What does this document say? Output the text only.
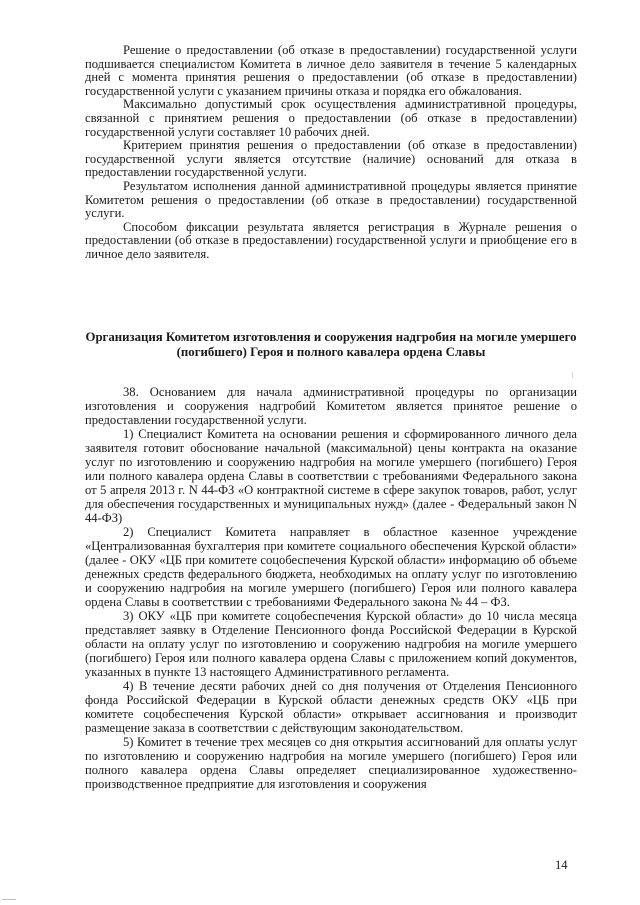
Решение о предоставлении (об отказе в предоставлении) государственной услуги подшивается специалистом Комитета в личное дело заявителя в течение 5 календарных дней с момента принятия решения о предоставлении (об отказе в предоставлении) государственной услуги с указанием причины отказа и порядка его обжалования.

Максимально допустимый срок осуществления административной процедуры, связанной с принятием решения о предоставлении (об отказе в предоставлении) государственной услуги составляет 10 рабочих дней.

Критерием принятия решения о предоставлении (об отказе в предоставлении) государственной услуги является отсутствие (наличие) оснований для отказа в предоставлении государственной услуги.

Результатом исполнения данной административной процедуры является принятие Комитетом решения о предоставлении (об отказе в предоставлении) государственной услуги.

Способом фиксации результата является регистрация в Журнале решения о предоставлении (об отказе в предоставлении) государственной услуги и приобщение его в личное дело заявителя.

Организация Комитетом изготовления и сооружения надгробия на могиле умершего (погибшего) Героя и полного кавалера ордена Славы

38. Основанием для начала административной процедуры по организации изготовления и сооружения надгробий Комитетом является принятое решение о предоставлении государственной услуги.

1) Специалист Комитета на основании решения и сформированного личного дела заявителя готовит обоснование начальной (максимальной) цены контракта на оказание услуг по изготовлению и сооружению надгробия на могиле умершего (погибшего) Героя или полного кавалера ордена Славы в соответствии с требованиями Федерального закона от 5 апреля 2013 г. N 44-ФЗ «О контрактной системе в сфере закупок товаров, работ, услуг для обеспечения государственных и муниципальных нужд» (далее - Федеральный закон N 44-ФЗ)

2) Специалист Комитета направляет в областное казенное учреждение «Централизованная бухгалтерия при комитете социального обеспечения Курской области» (далее - ОКУ «ЦБ при комитете соцобеспечения Курской области» информацию об объеме денежных средств федерального бюджета, необходимых на оплату услуг по изготовлению и сооружению надгробия на могиле умершего (погибшего) Героя или полного кавалера ордена Славы в соответствии с требованиями Федерального закона № 44 – ФЗ.

3) ОКУ «ЦБ при комитете соцобеспечения Курской области» до 10 числа месяца представляет заявку в Отделение Пенсионного фонда Российской Федерации в Курской области на оплату услуг по изготовлению и сооружению надгробия на могиле умершего (погибшего) Героя или полного кавалера ордена Славы с приложением копий документов, указанных в пункте 13 настоящего Административного регламента.

4) В течение десяти рабочих дней со дня получения от Отделения Пенсионного фонда Российской Федерации в Курской области денежных средств ОКУ «ЦБ при комитете соцобеспечения Курской области» открывает ассигнования и производит размещение заказа в соответствии с действующим законодательством.

5) Комитет в течение трех месяцев со дня открытия ассигнований для оплаты услуг по изготовлению и сооружению надгробия на могиле умершего (погибшего) Героя или полного кавалера ордена Славы определяет специализированное художественно-производственное предприятие для изготовления и сооружения

14
